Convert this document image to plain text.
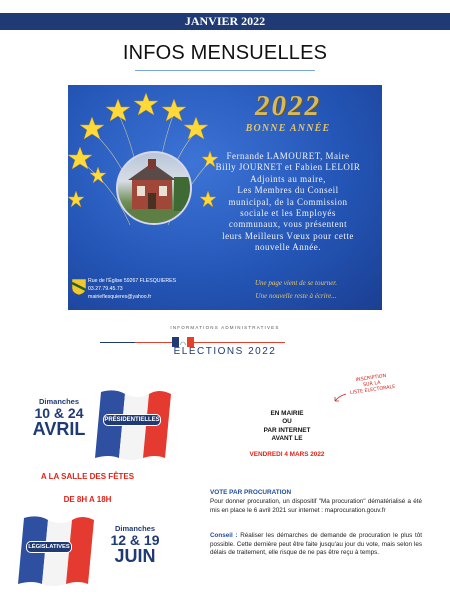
JANVIER 2022
INFOS MENSUELLES
2022
BONNE ANNÉE
Fernande LAMOURET, Maire
Billy JOURNET et Fabien LELOIR
Adjoints au maire,
Les Membres du Conseil
municipal, de la Commission
sociale et les Employés
communaux, vous présentent
leurs Meilleurs Vœux pour cette
nouvelle Année.
Une page vient de se tourner.
Une nouvelle reste à écrire...
Rue de l'Église 59267 FLESQUIERES
03.27.79.45.73
mairieflesquieres@yahoo.fr
INFORMATIONS ADMINISTRATIVES
ÉLECTIONS 2022
Dimanches
10 & 24
AVRIL	PRÉSIDENTIELLES
A LA SALLE DES FÊTES
DE 8H A 18H
LÉGISLATIVES
Dimanches
12 & 19
JUIN
INSCRIPTION
SUR LA
LISTE ÉLECTORALE
EN MAIRIE
OU
PAR INTERNET
AVANT LE
VENDREDI 4 MARS 2022
VOTE PAR PROCURATION
Pour donner procuration, un dispositif "Ma procuration" dématérialisé a été mis en place le 6 avril 2021 sur internet : maprocuration.gouv.fr
Conseil : Réaliser les démarches de demande de procuration le plus tôt possible. Cette dernière peut être faite jusqu'au jour du vote, mais selon les délais de traitement, elle risque de ne pas être reçu à temps.
